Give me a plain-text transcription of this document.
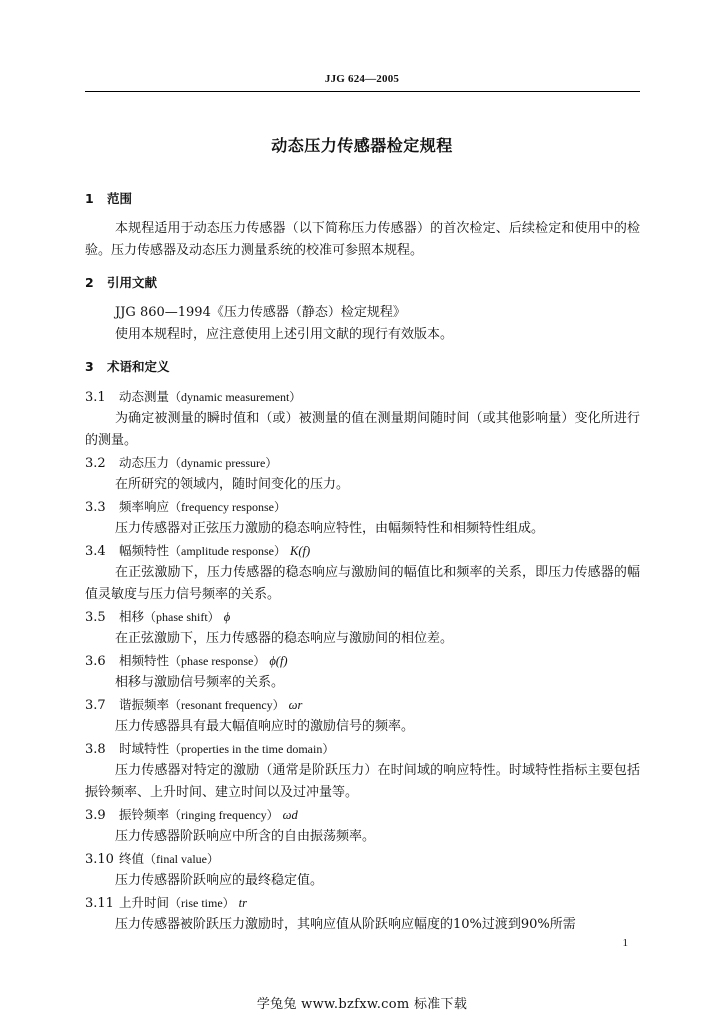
JJG 624—2005
动态压力传感器检定规程

1 范围

本规程适用于动态压力传感器（以下简称压力传感器）的首次检定、后续检定和使用中的检验。压力传感器及动态压力测量系统的校准可参照本规程。

2 引用文献

JJG 860—1994《压力传感器（静态）检定规程》

使用本规程时，应注意使用上述引用文献的现行有效版本。

3 术语和定义

3.1 动态测量（dynamic measurement）

为确定被测量的瞬时值和（或）被测量的值在测量期间随时间（或其他影响量）变化所进行的测量。

3.2 动态压力（dynamic pressure）

在所研究的领域内，随时间变化的压力。

3.3 频率响应（frequency response）

压力传感器对正弦压力激励的稳态响应特性，由幅频特性和相频特性组成。

3.4 幅频特性（amplitude response） K(f)

在正弦激励下，压力传感器的稳态响应与激励间的幅值比和频率的关系，即压力传感器的幅值灵敏度与压力信号频率的关系。

3.5 相移（phase shift） ϕ

在正弦激励下，压力传感器的稳态响应与激励间的相位差。

3.6 相频特性（phase response） ϕ(f)

相移与激励信号频率的关系。

3.7 谐振频率（resonant frequency） ωr

压力传感器具有最大幅值响应时的激励信号的频率。

3.8 时域特性（properties in the time domain）

压力传感器对特定的激励（通常是阶跃压力）在时间域的响应特性。时域特性指标主要包括振铃频率、上升时间、建立时间以及过冲量等。

3.9 振铃频率（ringing frequency） ωd

压力传感器阶跃响应中所含的自由振荡频率。

3.10 终值（final value）

压力传感器阶跃响应的最终稳定值。

3.11 上升时间（rise time） tr

压力传感器被阶跃压力激励时，其响应值从阶跃响应幅度的10%过渡到90%所需

1
学兔兔 www.bzfxw.com 标准下载
